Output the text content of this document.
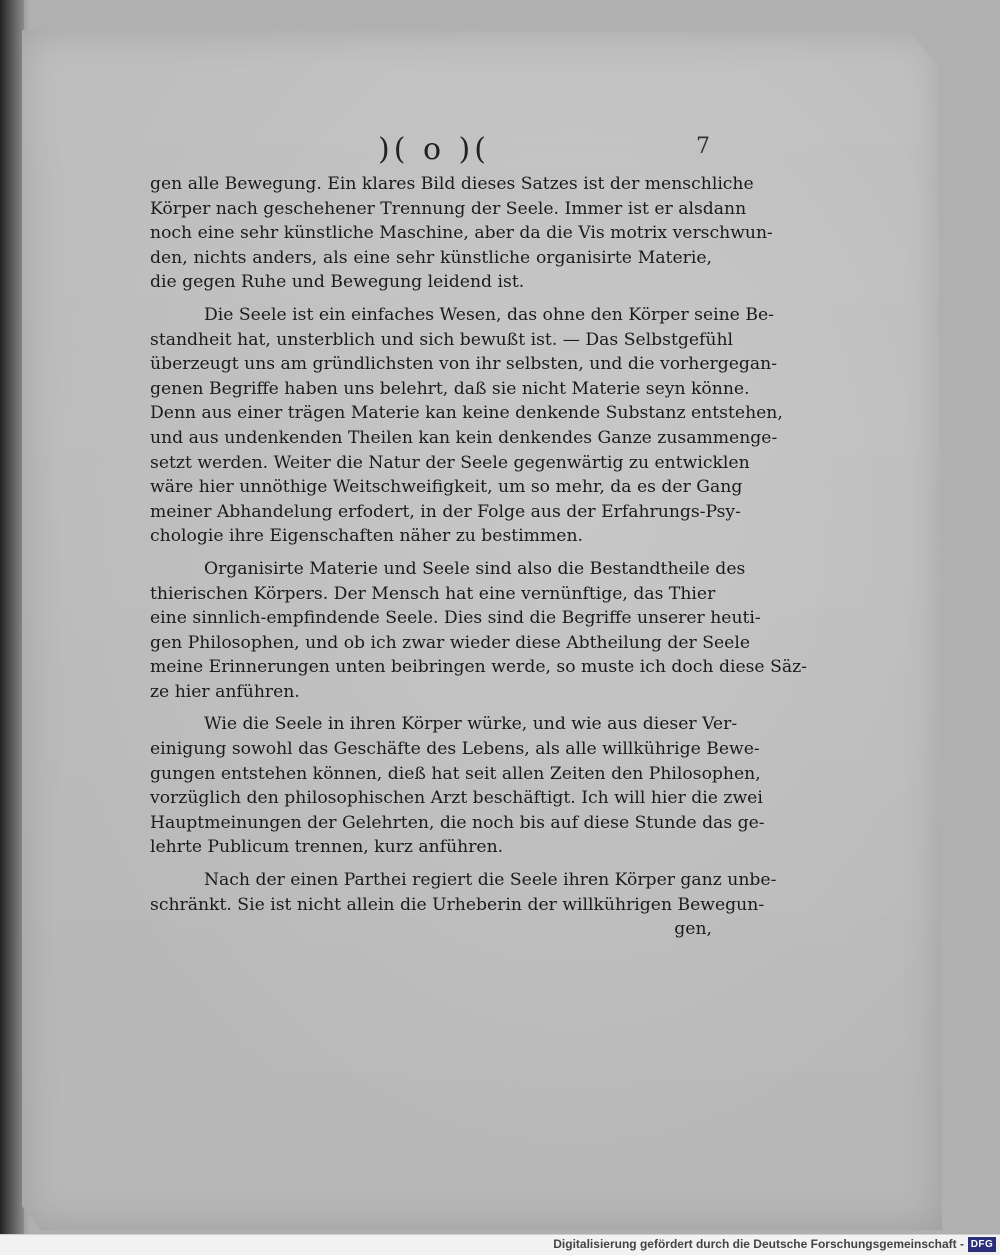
)( o )(	7
gen alle Bewegung. Ein klares Bild dieses Satzes ist der menschliche
Körper nach geschehener Trennung der Seele. Immer ist er alsdann
noch eine sehr künstliche Maschine, aber da die Vis motrix verschwun-
den, nichts anders, als eine sehr künstliche organisirte Materie,
die gegen Ruhe und Bewegung leidend ist.
Die Seele ist ein einfaches Wesen, das ohne den Körper seine Be-
standheit hat, unsterblich und sich bewußt ist. — Das Selbstgefühl
überzeugt uns am gründlichsten von ihr selbsten, und die vorhergegan-
genen Begriffe haben uns belehrt, daß sie nicht Materie seyn könne.
Denn aus einer trägen Materie kan keine denkende Substanz entstehen,
und aus undenkenden Theilen kan kein denkendes Ganze zusammenge-
setzt werden. Weiter die Natur der Seele gegenwärtig zu entwicklen
wäre hier unnöthige Weitschweifigkeit, um so mehr, da es der Gang
meiner Abhandelung erfodert, in der Folge aus der Erfahrungs-Psy-
chologie ihre Eigenschaften näher zu bestimmen.
Organisirte Materie und Seele sind also die Bestandtheile des
thierischen Körpers. Der Mensch hat eine vernünftige, das Thier
eine sinnlich-empfindende Seele. Dies sind die Begriffe unserer heuti-
gen Philosophen, und ob ich zwar wieder diese Abtheilung der Seele
meine Erinnerungen unten beibringen werde, so muste ich doch diese Säz-
ze hier anführen.
Wie die Seele in ihren Körper würke, und wie aus dieser Ver-
einigung sowohl das Geschäfte des Lebens, als alle willkührige Bewe-
gungen entstehen können, dieß hat seit allen Zeiten den Philosophen,
vorzüglich den philosophischen Arzt beschäftigt. Ich will hier die zwei
Hauptmeinungen der Gelehrten, die noch bis auf diese Stunde das ge-
lehrte Publicum trennen, kurz anführen.
Nach der einen Parthei regiert die Seele ihren Körper ganz unbe-
schränkt. Sie ist nicht allein die Urheberin der willkührigen Bewegun-
gen,
Digitalisierung gefördert durch die Deutsche Forschungsgemeinschaft - DFG
